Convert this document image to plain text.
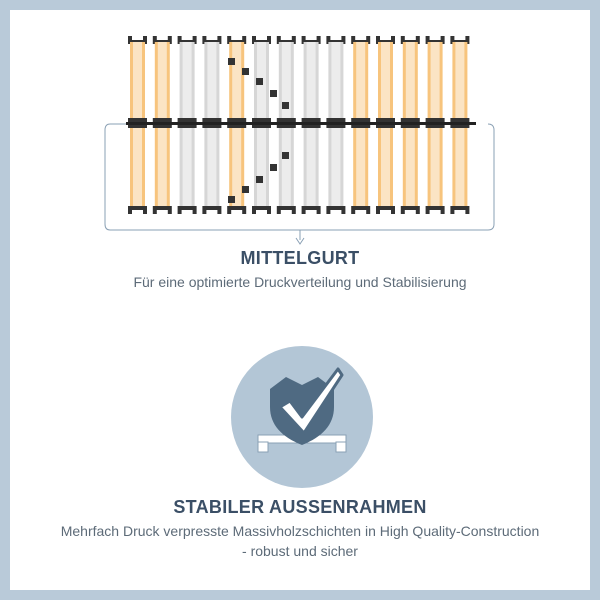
MITTELGURT
Für eine optimierte Druckverteilung und Stabilisierung
STABILER AUSSENRAHMEN
Mehrfach Druck verpresste Massivholzschichten in High Quality-Construction
- robust und sicher
